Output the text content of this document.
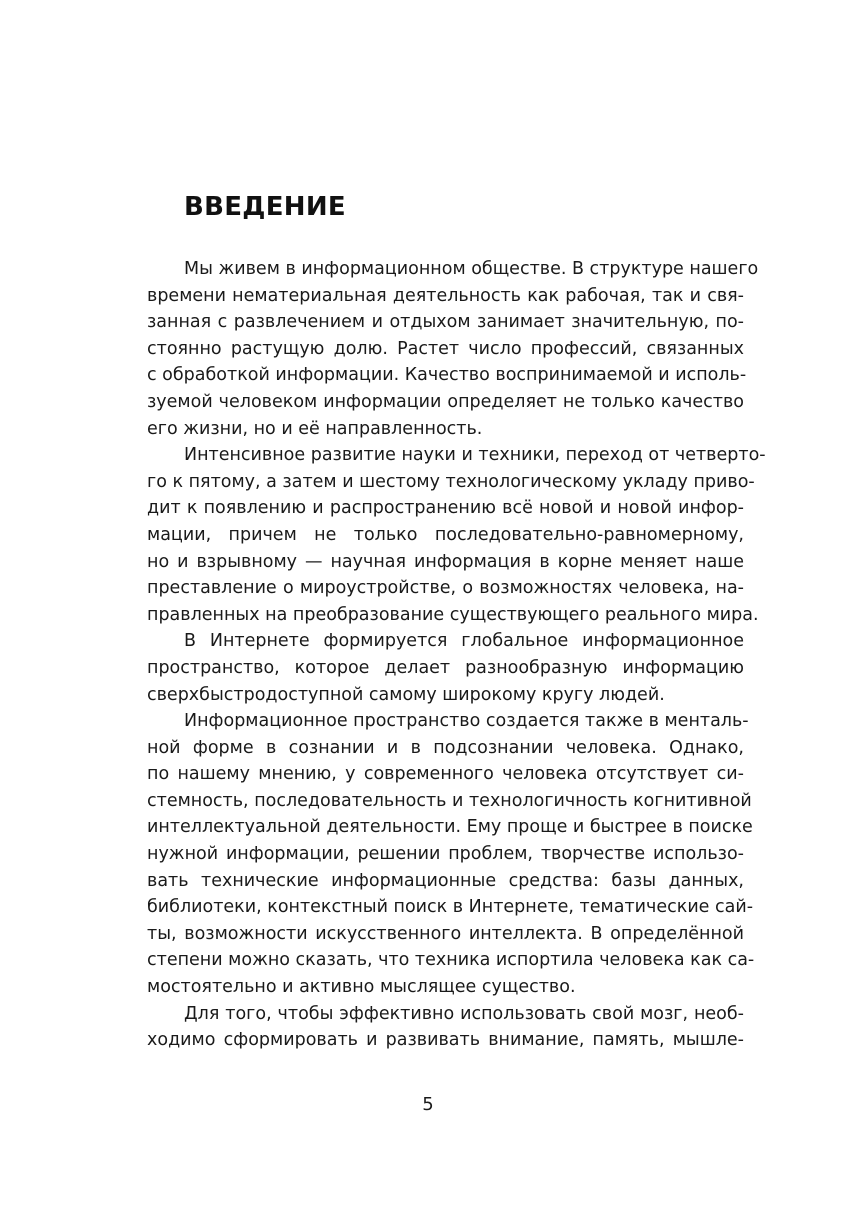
ВВЕДЕНИЕ

Мы живем в информационном обществе. В структуре нашего
времени нематериальная деятельность как рабочая, так и свя-
занная с развлечением и отдыхом занимает значительную, по-
стоянно растущую долю. Растет число профессий, связанных
с обработкой информации. Качество воспринимаемой и исполь-
зуемой человеком информации определяет не только качество
его жизни, но и её направленность.

Интенсивное развитие науки и техники, переход от четверто-
го к пятому, а затем и шестому технологическому укладу приво-
дит к появлению и распространению всё новой и новой инфор-
мации, причем не только последовательно-равномерному,
но и взрывному — научная информация в корне меняет наше
преставление о мироустройстве, о возможностях человека, на-
правленных на преобразование существующего реального мира.

В Интернете формируется глобальное информационное
пространство, которое делает разнообразную информацию
сверхбыстродоступной самому широкому кругу людей.

Информационное пространство создается также в менталь-
ной форме в сознании и в подсознании человека. Однако,
по нашему мнению, у современного человека отсутствует си-
стемность, последовательность и технологичность когнитивной
интеллектуальной деятельности. Ему проще и быстрее в поиске
нужной информации, решении проблем, творчестве использо-
вать технические информационные средства: базы данных,
библиотеки, контекстный поиск в Интернете, тематические сай-
ты, возможности искусственного интеллекта. В определённой
степени можно сказать, что техника испортила человека как са-
мостоятельно и активно мыслящее существо.

Для того, чтобы эффективно использовать свой мозг, необ-
ходимо сформировать и развивать внимание, память, мышле-

5
